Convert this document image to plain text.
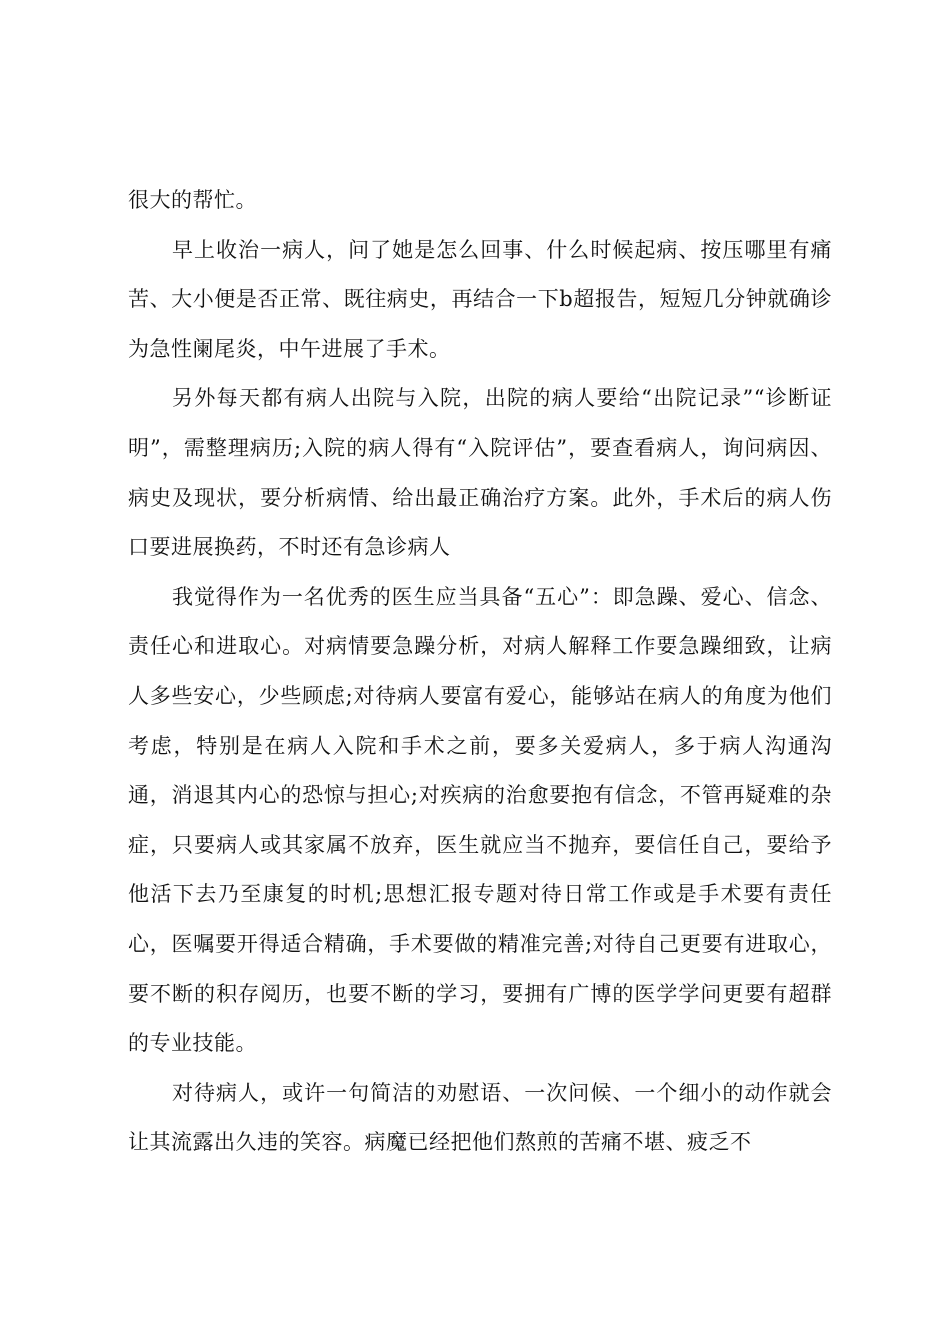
很大的帮忙。

早上收治一病人，问了她是怎么回事、什么时候起病、按压哪里有痛苦、大小便是否正常、既往病史，再结合一下b超报告，短短几分钟就确诊为急性阑尾炎，中午进展了手术。

另外每天都有病人出院与入院，出院的病人要给“出院记录”“诊断证明”，需整理病历;入院的病人得有“入院评估”，要查看病人，询问病因、病史及现状，要分析病情、给出最正确治疗方案。此外，手术后的病人伤口要进展换药，不时还有急诊病人

我觉得作为一名优秀的医生应当具备“五心”：即急躁、爱心、信念、责任心和进取心。对病情要急躁分析，对病人解释工作要急躁细致，让病人多些安心，少些顾虑;对待病人要富有爱心，能够站在病人的角度为他们考虑，特别是在病人入院和手术之前，要多关爱病人，多于病人沟通沟通，消退其内心的恐惊与担心;对疾病的治愈要抱有信念，不管再疑难的杂症，只要病人或其家属不放弃，医生就应当不抛弃，要信任自己，要给予他活下去乃至康复的时机;思想汇报专题对待日常工作或是手术要有责任心，医嘱要开得适合精确，手术要做的精准完善;对待自己更要有进取心，要不断的积存阅历，也要不断的学习，要拥有广博的医学学问更要有超群的专业技能。

对待病人，或许一句简洁的劝慰语、一次问候、一个细小的动作就会让其流露出久违的笑容。病魔已经把他们熬煎的苦痛不堪、疲乏不
